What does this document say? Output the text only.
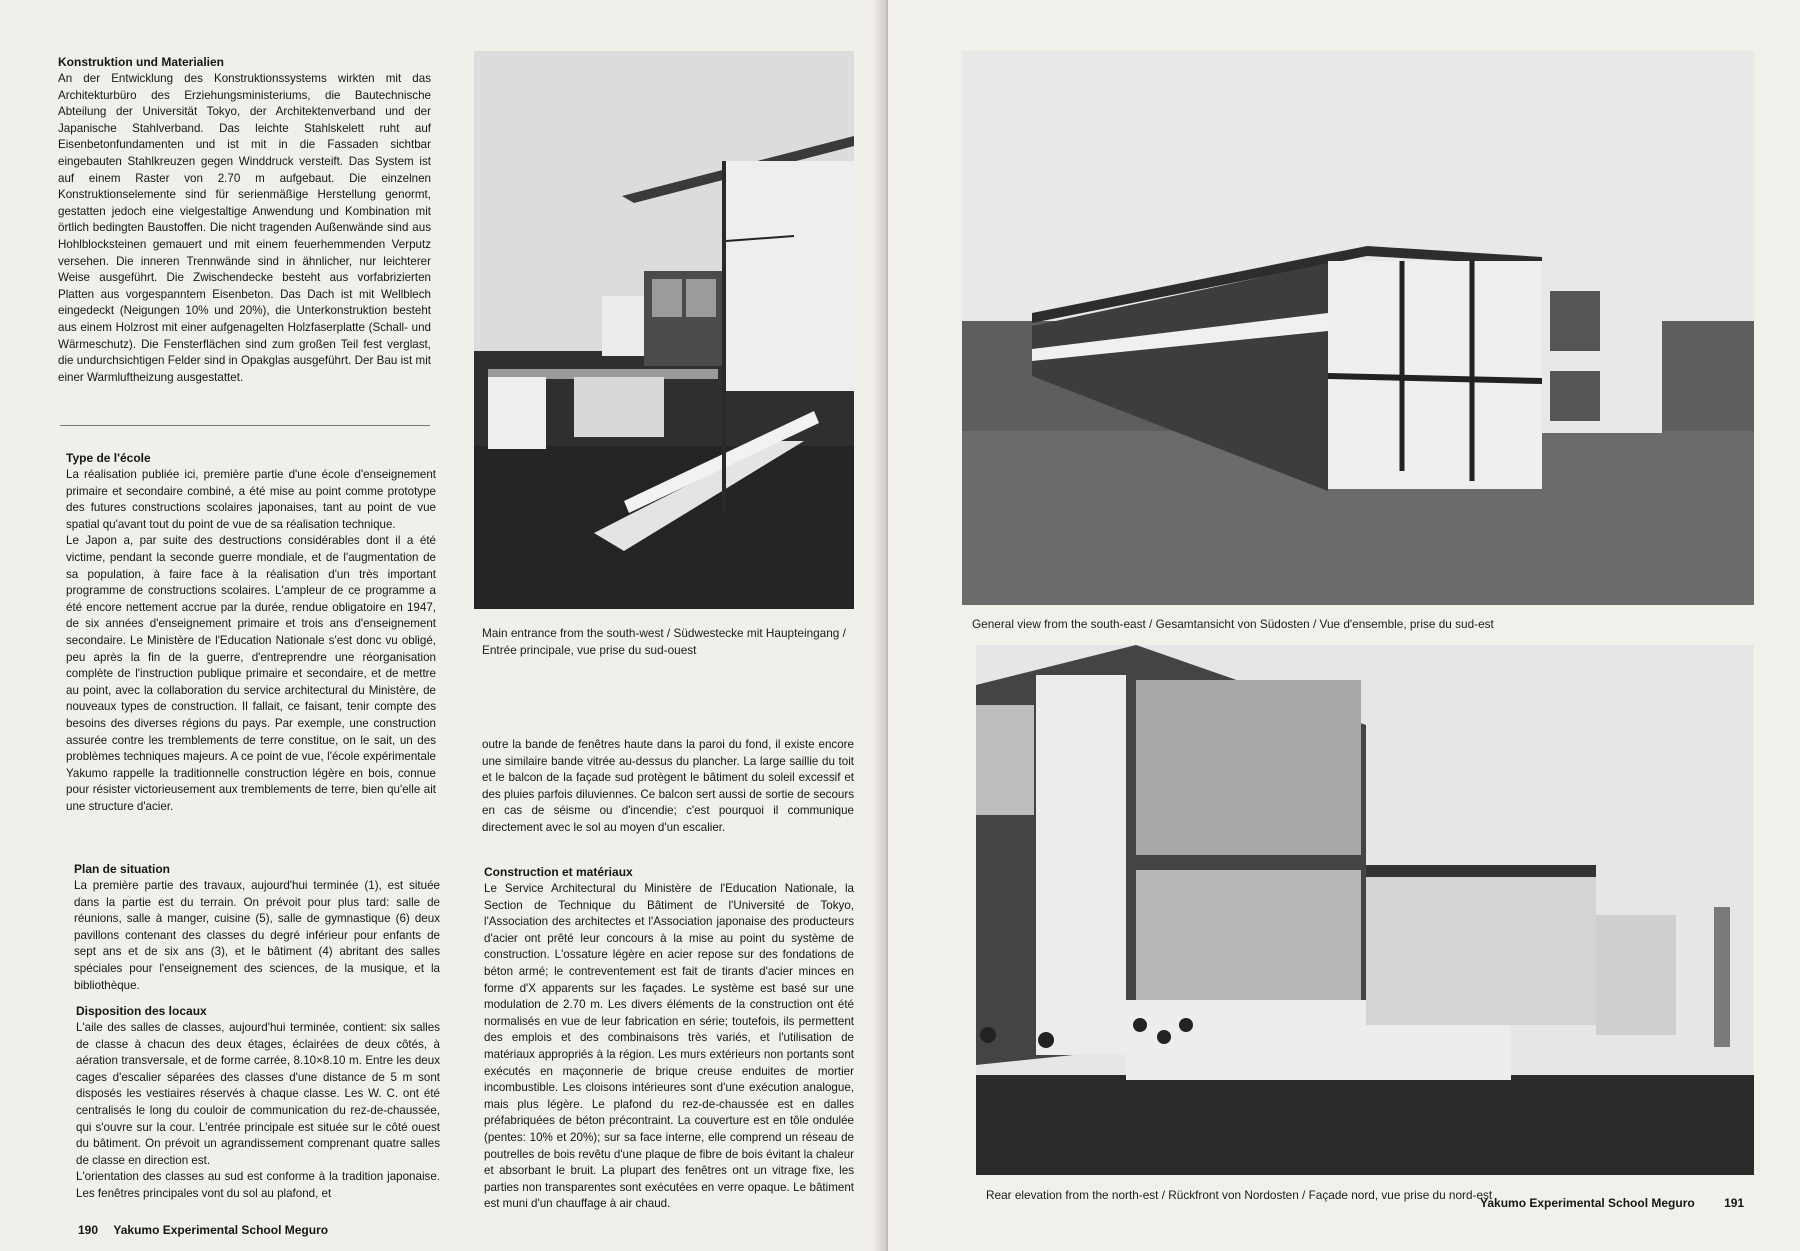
Konstruktion und Materialien

An der Entwicklung des Konstruktionssystems wirkten mit das Architekturbüro des Erziehungsministeriums, die Bautechnische Abteilung der Universität Tokyo, der Architektenverband und der Japanische Stahlverband. Das leichte Stahlskelett ruht auf Eisenbetonfundamenten und ist mit in die Fassaden sichtbar eingebauten Stahlkreuzen gegen Winddruck versteift. Das System ist auf einem Raster von 2.70 m aufgebaut. Die einzelnen Konstruktionselemente sind für serienmäßige Herstellung genormt, gestatten jedoch eine vielgestaltige Anwendung und Kombination mit örtlich bedingten Baustoffen. Die nicht tragenden Außenwände sind aus Hohlblocksteinen gemauert und mit einem feuerhemmenden Verputz versehen. Die inneren Trennwände sind in ähnlicher, nur leichterer Weise ausgeführt. Die Zwischendecke besteht aus vorfabrizierten Platten aus vorgespanntem Eisenbeton. Das Dach ist mit Wellblech eingedeckt (Neigungen 10% und 20%), die Unterkonstruktion besteht aus einem Holzrost mit einer aufgenagelten Holzfaserplatte (Schall- und Wärmeschutz). Die Fensterflächen sind zum großen Teil fest verglast, die undurchsichtigen Felder sind in Opakglas ausgeführt. Der Bau ist mit einer Warmluftheizung ausgestattet.

Type de l'école

La réalisation publiée ici, première partie d'une école d'enseignement primaire et secondaire combiné, a été mise au point comme prototype des futures constructions scolaires japonaises, tant au point de vue spatial qu'avant tout du point de vue de sa réalisation technique.

Le Japon a, par suite des destructions considérables dont il a été victime, pendant la seconde guerre mondiale, et de l'augmentation de sa population, à faire face à la réalisation d'un très important programme de constructions scolaires. L'ampleur de ce programme a été encore nettement accrue par la durée, rendue obligatoire en 1947, de six années d'enseignement primaire et trois ans d'enseignement secondaire. Le Ministère de l'Education Nationale s'est donc vu obligé, peu après la fin de la guerre, d'entreprendre une réorganisation complète de l'instruction publique primaire et secondaire, et de mettre au point, avec la collaboration du service architectural du Ministère, de nouveaux types de construction. Il fallait, ce faisant, tenir compte des besoins des diverses régions du pays. Par exemple, une construction assurée contre les tremblements de terre constitue, on le sait, un des problèmes techniques majeurs. A ce point de vue, l'école expérimentale Yakumo rappelle la traditionnelle construction légère en bois, connue pour résister victorieusement aux tremblements de terre, bien qu'elle ait une structure d'acier.

Plan de situation

La première partie des travaux, aujourd'hui terminée (1), est située dans la partie est du terrain. On prévoit pour plus tard: salle de réunions, salle à manger, cuisine (5), salle de gymnastique (6) deux pavillons contenant des classes du degré inférieur pour enfants de sept ans et de six ans (3), et le bâtiment (4) abritant des salles spéciales pour l'enseignement des sciences, de la musique, et la bibliothèque.

Disposition des locaux

L'aile des salles de classes, aujourd'hui terminée, contient: six salles de classe à chacun des deux étages, éclairées de deux côtés, à aération transversale, et de forme carrée, 8.10×8.10 m. Entre les deux cages d'escalier séparées des classes d'une distance de 5 m sont disposés les vestiaires réservés à chaque classe. Les W. C. ont été centralisés le long du couloir de communication du rez-de-chaussée, qui s'ouvre sur la cour. L'entrée principale est située sur le côté ouest du bâtiment. On prévoit un agrandissement comprenant quatre salles de classe en direction est.

L'orientation des classes au sud est conforme à la tradition japonaise. Les fenêtres principales vont du sol au plafond, et

Main entrance from the south-west / Südwestecke mit Haupteingang / Entrée principale, vue prise du sud-ouest

outre la bande de fenêtres haute dans la paroi du fond, il existe encore une similaire bande vitrée au-dessus du plancher. La large saillie du toit et le balcon de la façade sud protègent le bâtiment du soleil excessif et des pluies parfois diluviennes. Ce balcon sert aussi de sortie de secours en cas de séisme ou d'incendie; c'est pourquoi il communique directement avec le sol au moyen d'un escalier.

Construction et matériaux

Le Service Architectural du Ministère de l'Education Nationale, la Section de Technique du Bâtiment de l'Université de Tokyo, l'Association des architectes et l'Association japonaise des producteurs d'acier ont prêté leur concours à la mise au point du système de construction. L'ossature légère en acier repose sur des fondations de béton armé; le contreventement est fait de tirants d'acier minces en forme d'X apparents sur les façades. Le système est basé sur une modulation de 2.70 m. Les divers éléments de la construction ont été normalisés en vue de leur fabrication en série; toutefois, ils permettent des emplois et des combinaisons très variés, et l'utilisation de matériaux appropriés à la région. Les murs extérieurs non portants sont exécutés en maçonnerie de brique creuse enduites de mortier incombustible. Les cloisons intérieures sont d'une exécution analogue, mais plus légère. Le plafond du rez-de-chaussée est en dalles préfabriquées de béton précontraint. La couverture est en tôle ondulée (pentes: 10% et 20%); sur sa face interne, elle comprend un réseau de poutrelles de bois revêtu d'une plaque de fibre de bois évitant la chaleur et absorbant le bruit. La plupart des fenêtres ont un vitrage fixe, les parties non transparentes sont exécutées en verre opaque. Le bâtiment est muni d'un chauffage à air chaud.

190 Yakumo Experimental School Meguro
General view from the south-east / Gesamtansicht von Südosten / Vue d'ensemble, prise du sud-est
Rear elevation from the north-est / Rückfront von Nordosten / Façade nord, vue prise du nord-est
Yakumo Experimental School Meguro 191
